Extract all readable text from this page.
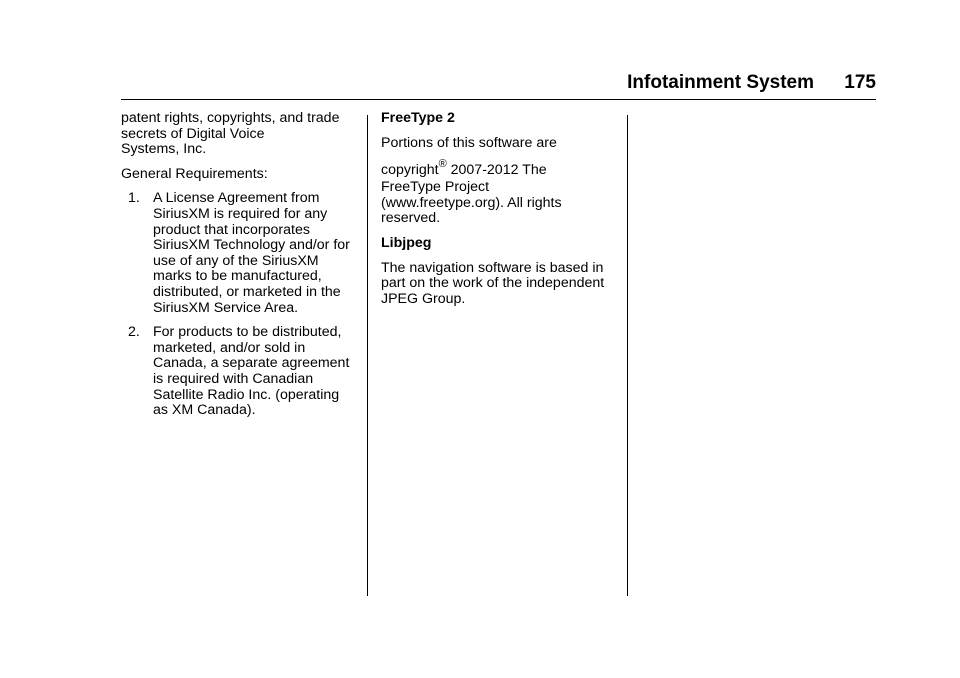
Infotainment System	175

patent rights, copyrights, and trade
secrets of Digital Voice
Systems, Inc.

General Requirements:

1. A License Agreement from
SiriusXM is required for any
product that incorporates
SiriusXM Technology and/or for
use of any of the SiriusXM
marks to be manufactured,
distributed, or marketed in the
SiriusXM Service Area.
2. For products to be distributed,
marketed, and/or sold in
Canada, a separate agreement
is required with Canadian
Satellite Radio Inc. (operating
as XM Canada).

FreeType 2

Portions of this software are

copyright® 2007-2012 The

FreeType Project
(www.freetype.org). All rights
reserved.

Libjpeg

The navigation software is based in
part on the work of the independent
JPEG Group.
